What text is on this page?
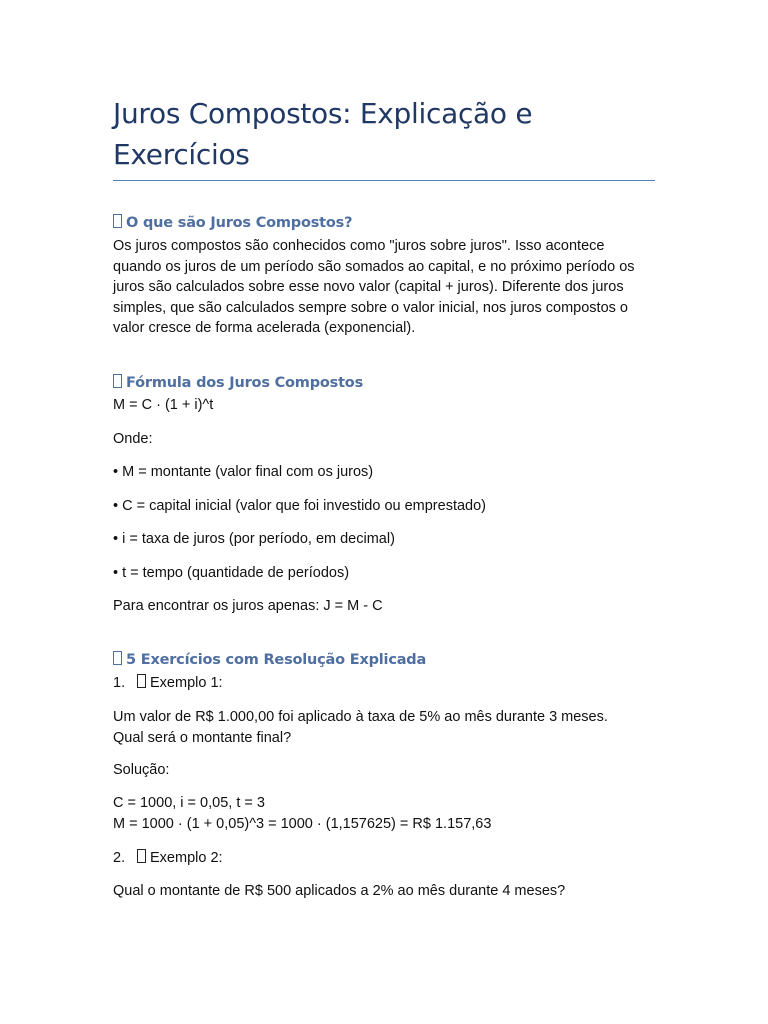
Juros Compostos: Explicação e
Exercícios
O que são Juros Compostos?
Os juros compostos são conhecidos como "juros sobre juros". Isso acontece
quando os juros de um período são somados ao capital, e no próximo período os
juros são calculados sobre esse novo valor (capital + juros). Diferente dos juros
simples, que são calculados sempre sobre o valor inicial, nos juros compostos o
valor cresce de forma acelerada (exponencial).
Fórmula dos Juros Compostos

M = C · (1 + i)^t

Onde:

• M = montante (valor final com os juros)

• C = capital inicial (valor que foi investido ou emprestado)

• i = taxa de juros (por período, em decimal)

• t = tempo (quantidade de períodos)

Para encontrar os juros apenas: J = M - C

5 Exercícios com Resolução Explicada

1. Exemplo 1:

Um valor de R$ 1.000,00 foi aplicado à taxa de 5% ao mês durante 3 meses.
Qual será o montante final?

Solução:

C = 1000, i = 0,05, t = 3
M = 1000 · (1 + 0,05)^3 = 1000 · (1,157625) = R$ 1.157,63

2. Exemplo 2:

Qual o montante de R$ 500 aplicados a 2% ao mês durante 4 meses?
